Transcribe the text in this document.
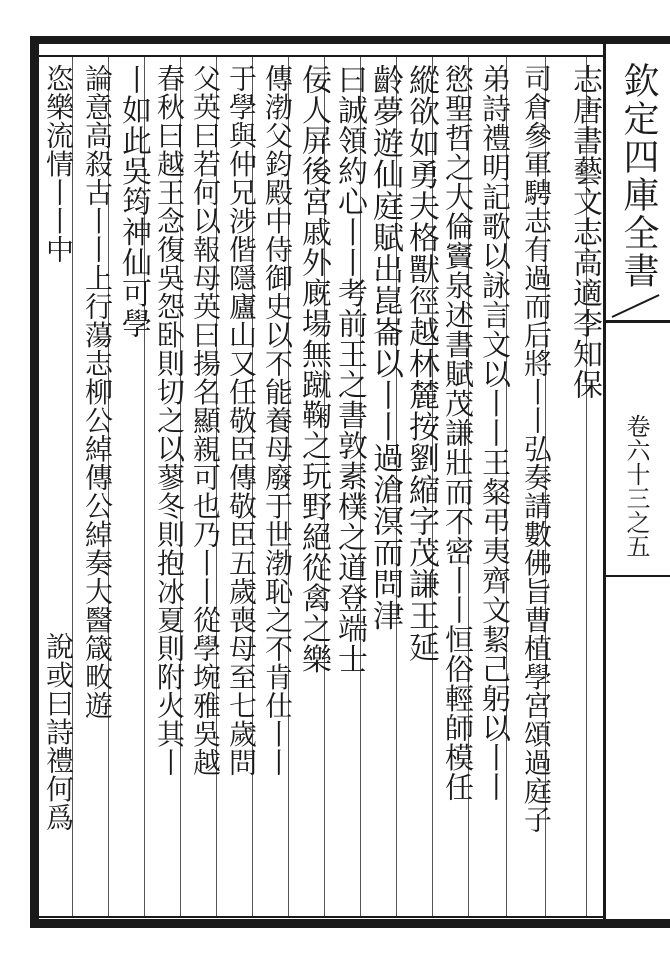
欽定四庫全書
卷六十三之五
志唐書藝文志高適李知保
司倉參軍騁志有過而后將丨丨弘奏請數佛旨曹植學宮頌過庭子
弟詩禮明記歌以詠言文以丨丨王粲弔夷齊文絜己躬以丨丨
慾聖哲之大倫竇泉述書賦茂謙壯而不密丨丨恒俗輕師模任
縱欲如勇夫格獸徑越林麓按劉縮字茂謙王延
齡夢遊仙庭賦出崑崙以丨丨過滄溟而問津
曰誠領約心丨丨考前王之書敦素樸之道登端士
佞人屏後宮戚外廐場無蹴鞠之玩野絕從禽之樂
傳渤父鈞殿中侍御史以不能養母廢于世渤恥之不肯仕丨丨
于學與仲兄涉偕隱廬山又任敬臣傳敬臣五歲喪母至七歲問
父英曰若何以報母英曰揚名顯親可也乃丨丨從學埦雅吳越
春秋曰越王念復吳怨卧則切之以蓼冬則抱冰夏則附火其丨
丨如此吳筠神仙可學
論意高殺古丨丨上行蕩志柳公綽傳公綽奏大醫箴畋遊
恣樂流情丨丨中
說或曰詩禮何爲
